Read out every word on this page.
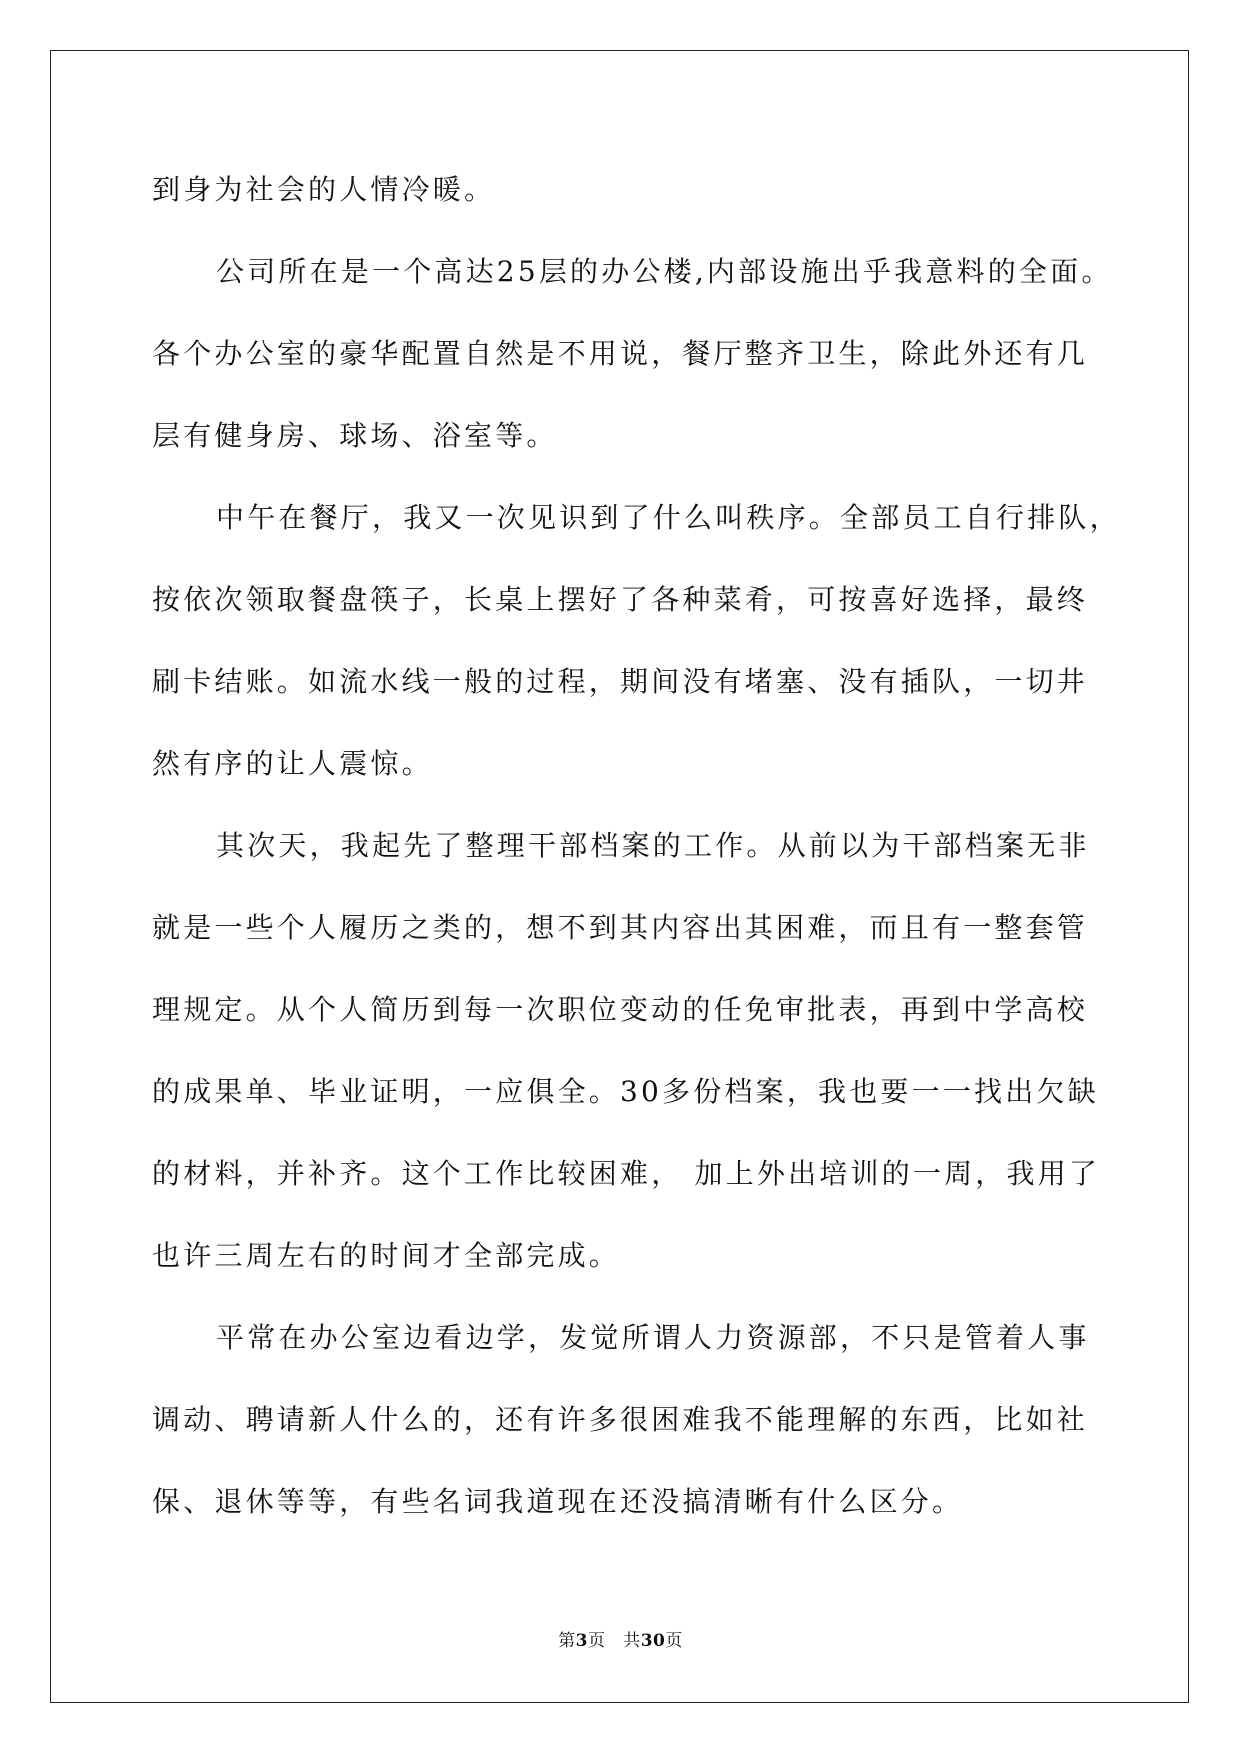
到身为社会的人情冷暖。
公司所在是一个高达25层的办公楼,内部设施出乎我意料的全面。
各个办公室的豪华配置自然是不用说，餐厅整齐卫生，除此外还有几
层有健身房、球场、浴室等。
中午在餐厅，我又一次见识到了什么叫秩序。全部员工自行排队，
按依次领取餐盘筷子，长桌上摆好了各种菜肴，可按喜好选择，最终
刷卡结账。如流水线一般的过程，期间没有堵塞、没有插队，一切井
然有序的让人震惊。
其次天，我起先了整理干部档案的工作。从前以为干部档案无非
就是一些个人履历之类的，想不到其内容出其困难，而且有一整套管
理规定。从个人简历到每一次职位变动的任免审批表，再到中学高校
的成果单、毕业证明，一应俱全。30多份档案，我也要一一找出欠缺
的材料，并补齐。这个工作比较困难， 加上外出培训的一周，我用了
也许三周左右的时间才全部完成。
平常在办公室边看边学，发觉所谓人力资源部，不只是管着人事
调动、聘请新人什么的，还有许多很困难我不能理解的东西，比如社
保、退休等等，有些名词我道现在还没搞清晰有什么区分。
第3页 共30页
